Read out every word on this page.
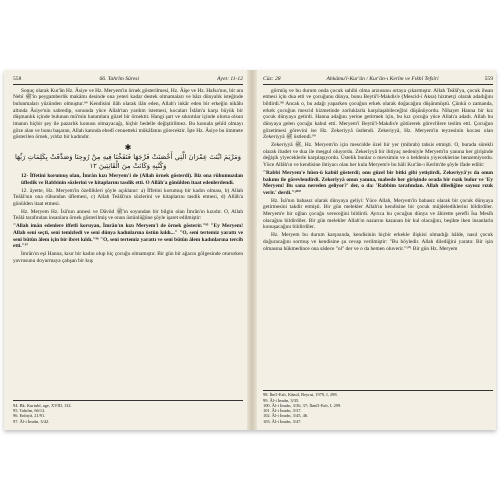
558	66. Tahrîm Sûresi	Âyet: 11-12

Sonuç olarak Kur'ân Hz. Âsiye ve Hz. Meryem'in örnek gösterilmesi, Hz. Âişe ve Hz. Hafsa'nın, bir ara Nebî ﷺ'in peygamberlik makâmı desinde ona yeteri kadar destek olmamaları ve bâzı dünyalık isteğinde bulunmaları yüzünden olmuştur.⁹⁴ Kendisini ilâh olarak ilân eden, Allah'ı inkâr eden bir erkeğin nikâhı altında Âsiye'nin sabredip, sonunda yüce Allah'tan yardım istemesi, kocaları İslâm'a karşı büyük bir düşmanlık içinde bulunan mü'min hanımlara güzel bir örnektir. Hangi şart ve sıkıntılar içinde olursa olsun imanın hiçbir şey ile pazarlık konusu olmayacağı, hiçbir bedelle değiştirilmez. Bu konuda şehîd olmayı göze alan ve bunu başaran, Allah katında ebedî cennetteki mükâfatını görecektir. İşte Hz. Âsiye bu ümmete gösterilen örnek, yıldız bir kadındır.

✱
وَمَرْيَمَ ابْنَتَ عِمْرَانَ الَّتِي أَحْصَنَتْ فَرْجَهَا فَنَفَخْنَا فِيهِ مِنْ رُوحِنَا وَصَدَّقَتْ بِكَلِمَاتِ رَبِّهَا وَكُتُبِهِ وَكَانَتْ مِنَ الْقَانِتِينَ ١٢

12- İffetini korumuş olan, İmrân kızı Meryem'i de (Allah örnek gösterdi). Biz ona rûhumuzdan üfledik ve Rabbinin sözlerini ve kitaplarını tasdik etti. O Allâh'a gönülden itaat edenlerdendi.

12. âyette, Hz. Meryem'in özellikleri şöyle açıklanır: a) İffetini korumuş bir kadın olması, b) Allah Teâlâ'nın ona rûhundan üflemesi, c) Allah Teâlâ'nın sözlerini ve kitaplarını tasdik etmesi, d) Allâh'a gönülden itaat etmesi.

Hz. Meryem Hz. İsâ'nın annesi ve Dâvûd ﷺ'ın soyundan bir bilgin olan İmrân'ın kızıdır. O, Allah Teâlâ tarafından insanlara örnek gösterilmiş ve onun üstünlüğüne şöyle işaret edilmiştir:

"Allah imân edenlere iffetli koruyan, İmrân'ın kızı Meryem'i de örnek gösterir."⁹⁵ "Ey Meryem! Allah seni seçti, seni temizledi ve seni dünya kadınlarına üstün kıldı..." "O, seni tertemiz yarattı ve seni bütün âlem için bir ibret kıldı."⁹⁶ "O, seni tertemiz yarattı ve seni bütün âlem kadınlarına tercih etti."⁹⁷

İmrân'ın eşi Hanna, kısır bir kadın olup hiç çocuğu olmamıştır. Bir gün bir ağacın gölgesinde otururken yavrusunu doyurmaya çalışan bir kuş

94. Bk. Kurtubî, age, XVIII, 132.
95. Tahrîm, 66/12.
96. Enbiyâ, 21/91.
97. Âl-i İmrân, 3/42.
Cüz: 28	Ahkâmu'l-Kur'ân / Kur'ân-ı Kerîm ve Fıkhî Tefsîri	559

görmüş ve bu durum onda çocuk sahibi olma arzusunu ortaya çıkarmıştır. Allah Teâlâ'ya, çocuk ihsan etmesi için dua etti ve çocuğunu dünya, bunu Beytü'l-Makdis'e (Mescid-i Aksa) hizmetçi olarak adadığını bildirdi.⁹⁸ Ancak o, bu adağı yaparken çocuğun erkek olarak doğacağını düşünmüştü. Çünkü o zamanda, erkek çocuğun mescid hizmetinde zorluklarla karşılaşabileceğini düşünüyordu. Nihayet Hanna bir kız çocuk dünyaya getirdi. Hanna adağını yerine getirmek için, bu kız çocuğu yüce Allah'a adadı. Allah bu dünyaya gelen çocuğu kabul etti. Meryem'i Beytü'l-Makdis'e götürerek görevlilere teslim etti. Çocuğun gözetimesi görevini ise Hz. Zekeriyyâ üstlendi. Zekeriyyâ, Hz. Meryem'in teyzesinin kocası olan Zekeriyyâ ﷺ üstlendi.⁹⁹

Zekeriyyâ ﷺ, Hz. Meryem'in için mescidde özel bir yer (mihrab) tahsis etmişti. O, burada sürekli olarak ibadet ve dua ile meşgul oluyordu. Zekeriyyâ bir ihtiyaç nedeniyle Meryem'in yanına her girişinde değişik yiyeceklerle karşılaşıyordu. Üstelik bunlar o mevsimin ve o beldenin yiyeceklerine benzemiyordu. Yüce Allâh'ın ve kendisine ihtiyacı olan her kula Meryem'e bu hâli Kur'ân-ı Kerîm'de şöyle ifade edilir:

"Rabbi Meryem'e hüsn-ü kabûl gösterdi; onu güzel bir bitki gibi yetiştirdi, Zekeriyyâ'yı da onun bakımı ile görevlendirdi. Zekeriyyâ onun yanına, mabede her girişinde orada bir rızık bulur ve 'Ey Meryem! Bu sana nereden geliyor?' der, o da: 'Rabbim tarafından. Allah dilediğine sayısız rızık verir.' derdi."¹⁰⁰

Hz. İsâ'nın babasız olarak dünyaya geliyi: Yüce Allah, Meryem'in babasız olarak bir çocuk dünyaya getirmesini takdir etmişti. Bir gün melekler Allah'ın kendisine bir çocuk müjdelediklerini bildirdiler. Meryem'e bir oğlan çocuğu vereceğini bildirdi. Ayrıca bu çocuğun dünya ve âhirette şerefli İsa Mesîh olacağını bildirdiler. Bir gün melekler Allah'ın nazarını kazanan bir kul olacağını, beşikte iken insanlarla konuşacağını bildirdiler.

Hz. Meryem bu durum karşısında, kendisinin hiçbir erkekle ilişkisi olmadığı hâlde, nasıl çocuk doğuracağını sormuş ve kendisine şu cevap verilmiştir: "Bu böyledir. Allah dilediğini yaratır. Bir işin olmasına hükmedince ona sâdece "ol" der ve o da hemen oluverir."¹⁰¹ Bir gün Hz. Meryem

98. İbn'l-Esîr, Kâmil, Beyrut, 1979, I, 298.
99. Âl-i İmrân, 3/35.
100. Âl-i İmrân, 3/36, 37; İbnü'l-Esîr, I, 299.
101. Âl-i İmrân, 3/37.
102. Âl-i İmrân, 3/45, 46.
103. Âl-i İmrân, 3/47.
